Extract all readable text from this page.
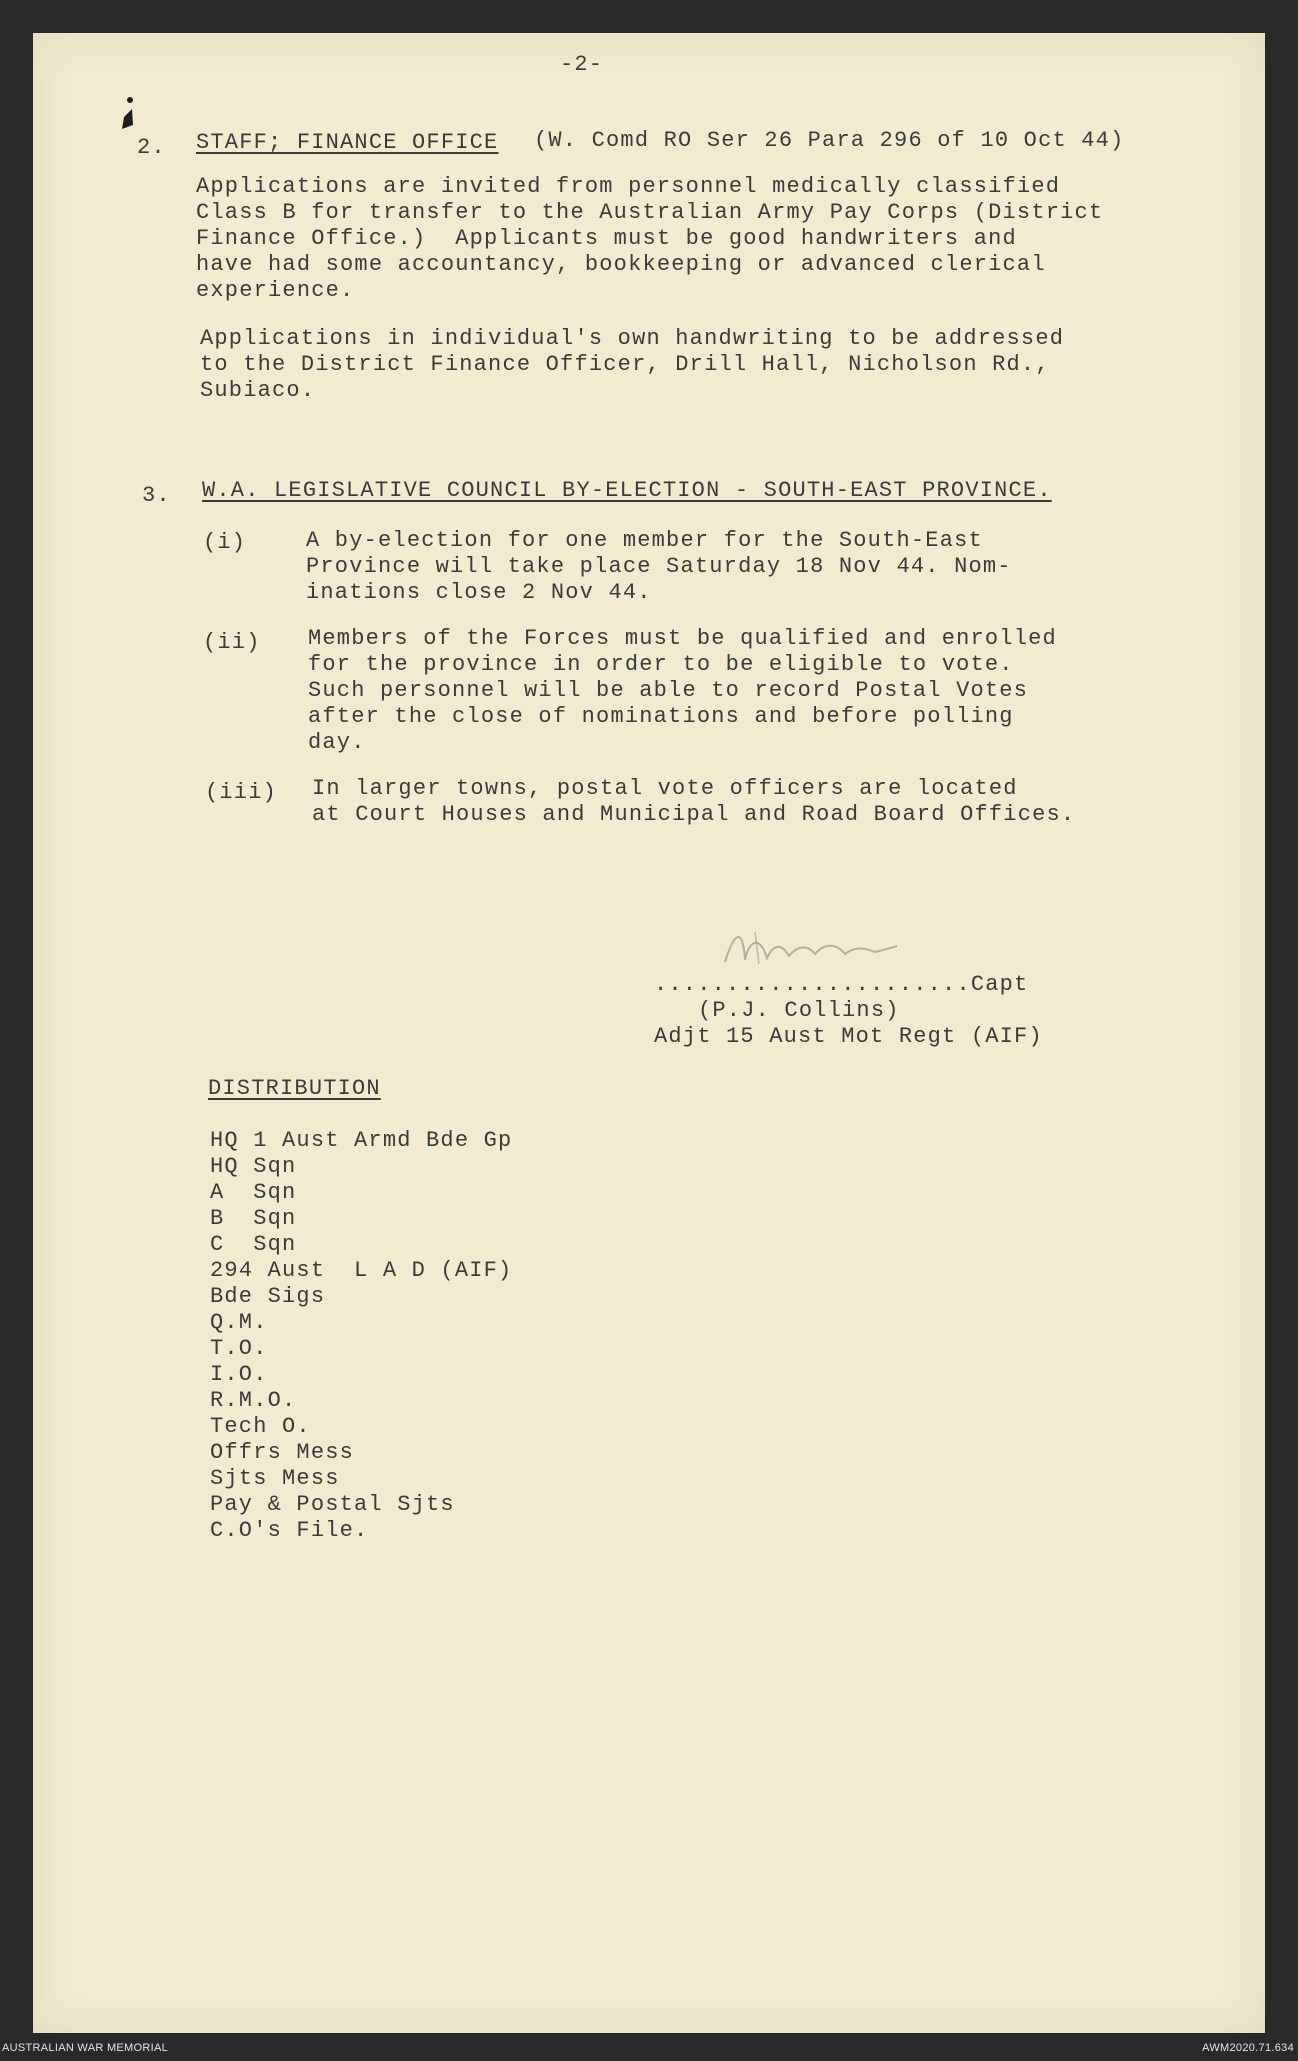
-2-

2. STAFF; FINANCE OFFICE (W. Comd RO Ser 26 Para 296 of 10 Oct 44)

Applications are invited from personnel medically classified

Class B for transfer to the Australian Army Pay Corps (District

Finance Office.)  Applicants must be good handwriters and

have had some accountancy, bookkeeping or advanced clerical

experience.

Applications in individual's own handwriting to be addressed

to the District Finance Officer, Drill Hall, Nicholson Rd.,

Subiaco.

3. W.A. LEGISLATIVE COUNCIL BY-ELECTION - SOUTH-EAST PROVINCE.

(i)	A by-election for one member for the South-East

Province will take place Saturday 18 Nov 44. Nom-

inations close 2 Nov 44.

(ii) Members of the Forces must be qualified and enrolled

for the province in order to be eligible to vote.

Such personnel will be able to record Postal Votes

after the close of nominations and before polling

day.

(iii) In larger towns, postal vote officers are located

at Court Houses and Municipal and Road Board Offices.

......................Capt

(P.J. Collins)

Adjt 15 Aust Mot Regt (AIF)

DISTRIBUTION

HQ 1 Aust Armd Bde Gp

HQ Sqn

A  Sqn

B  Sqn

C  Sqn

294 Aust  L A D (AIF)

Bde Sigs

Q.M.

T.O.

I.O.

R.M.O.

Tech O.

Offrs Mess

Sjts Mess

Pay & Postal Sjts

C.O's File.

AUSTRALIAN WAR MEMORIAL	AWM2020.71.634
